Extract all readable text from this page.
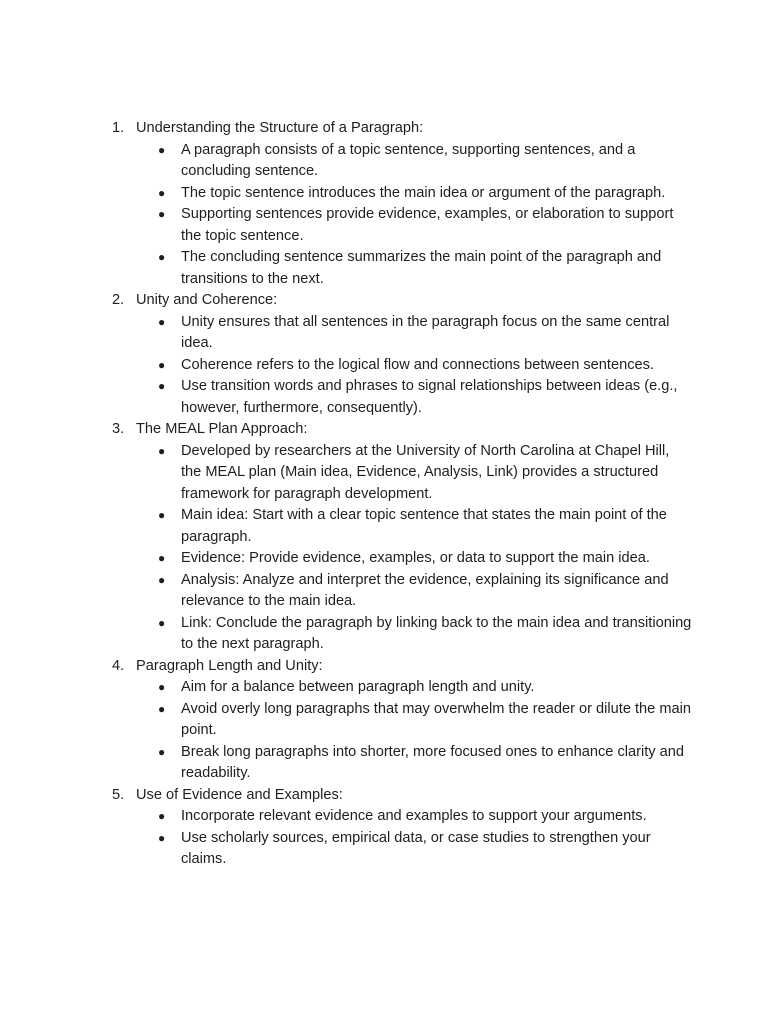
1. Understanding the Structure of a Paragraph:
● A paragraph consists of a topic sentence, supporting sentences, and a concluding sentence.
● The topic sentence introduces the main idea or argument of the paragraph.
● Supporting sentences provide evidence, examples, or elaboration to support the topic sentence.
● The concluding sentence summarizes the main point of the paragraph and transitions to the next.
2. Unity and Coherence:
● Unity ensures that all sentences in the paragraph focus on the same central idea.
● Coherence refers to the logical flow and connections between sentences.
● Use transition words and phrases to signal relationships between ideas (e.g., however, furthermore, consequently).
3. The MEAL Plan Approach:
● Developed by researchers at the University of North Carolina at Chapel Hill, the MEAL plan (Main idea, Evidence, Analysis, Link) provides a structured framework for paragraph development.
● Main idea: Start with a clear topic sentence that states the main point of the paragraph.
● Evidence: Provide evidence, examples, or data to support the main idea.
● Analysis: Analyze and interpret the evidence, explaining its significance and relevance to the main idea.
● Link: Conclude the paragraph by linking back to the main idea and transitioning to the next paragraph.
4. Paragraph Length and Unity:
● Aim for a balance between paragraph length and unity.
● Avoid overly long paragraphs that may overwhelm the reader or dilute the main point.
● Break long paragraphs into shorter, more focused ones to enhance clarity and readability.
5. Use of Evidence and Examples:
● Incorporate relevant evidence and examples to support your arguments.
● Use scholarly sources, empirical data, or case studies to strengthen your claims.
